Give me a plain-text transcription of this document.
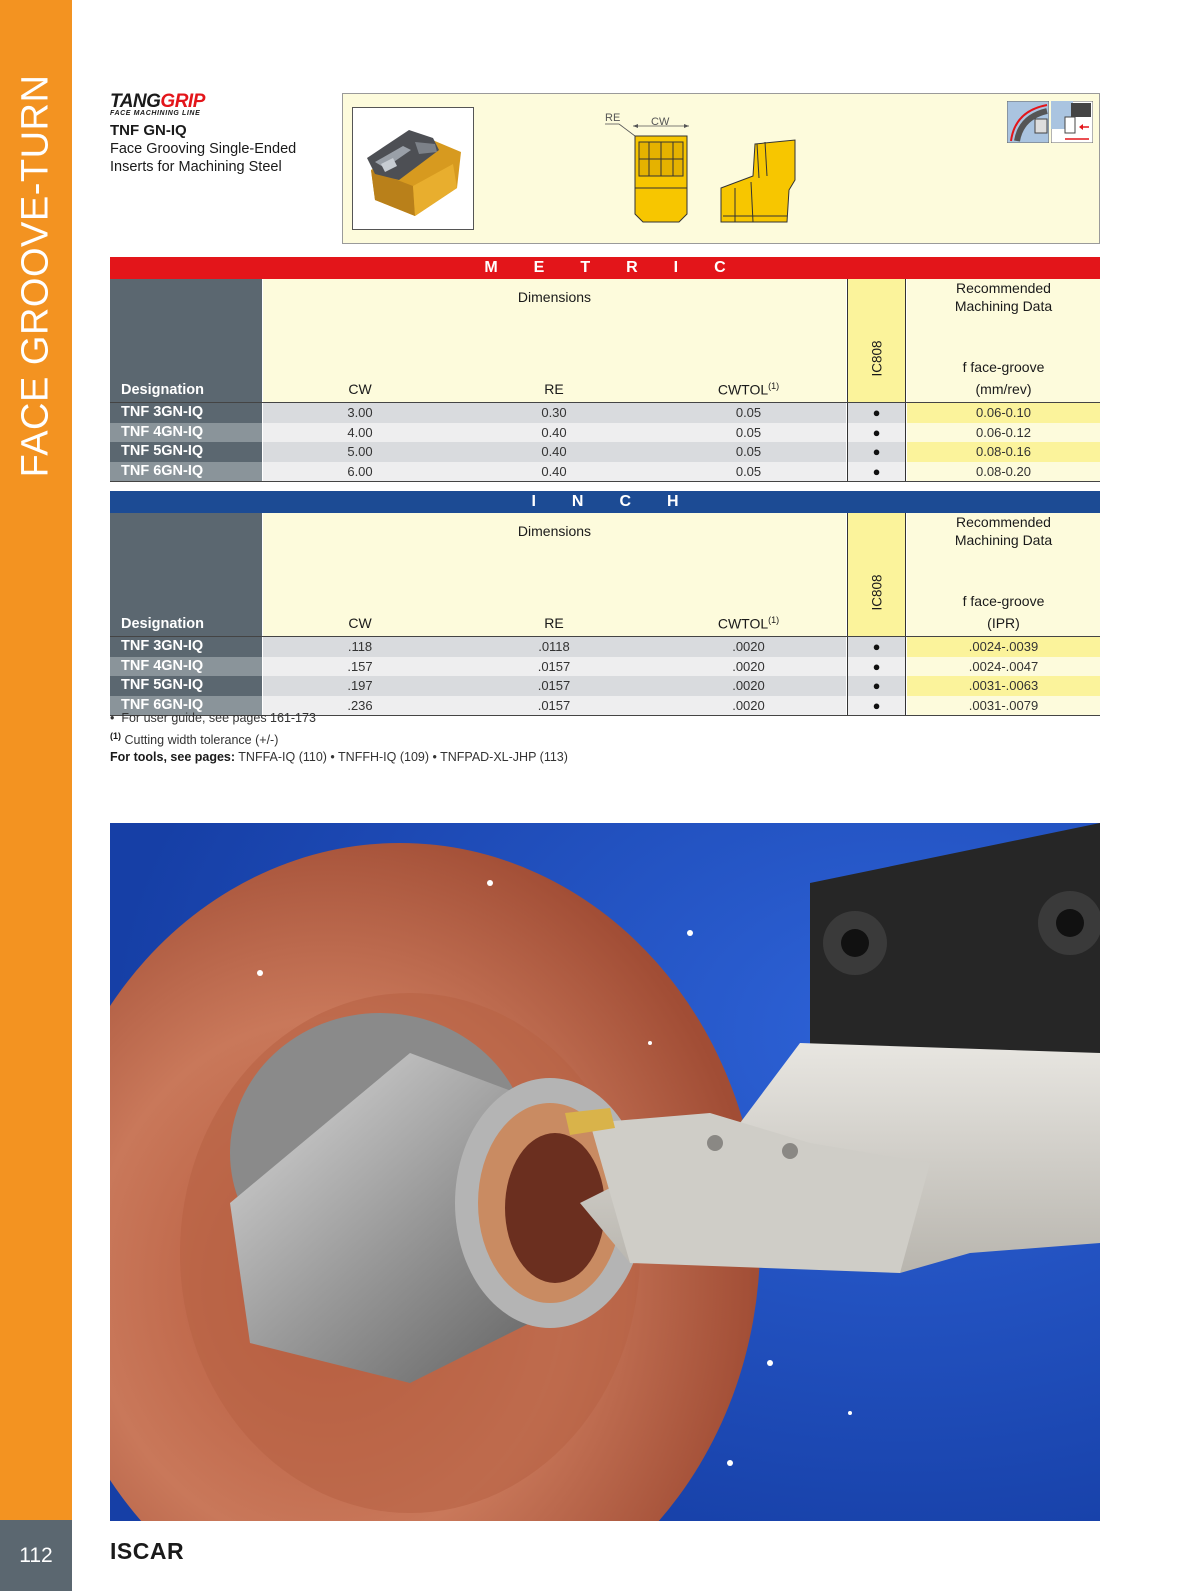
FACE GROOVE-TURN
112
TANGGRIP
FACE MACHINING LINE
TNF GN-IQ
Face Grooving Single-Ended
Inserts for Machining Steel
RE	CW
METRIC
Designation
Dimensions
CW	RE	CWTOL$^{(1)}$
IC808
Recommended
Machining Data
f face-groove
(mm/rev)
TNF 3GN-IQ	3.00	0.30	0.05	●	0.06-0.10
TNF 4GN-IQ	4.00	0.40	0.05	●	0.06-0.12
TNF 5GN-IQ	5.00	0.40	0.05	●	0.08-0.16
TNF 6GN-IQ	6.00	0.40	0.05	●	0.08-0.20
INCH
Designation
Dimensions
CW	RE	CWTOL$^{(1)}$
IC808
Recommended
Machining Data
f face-groove
(IPR)
TNF 3GN-IQ	.118	.0118	.0020	●	.0024-.0039
TNF 4GN-IQ	.157	.0157	.0020	●	.0024-.0047
TNF 5GN-IQ	.197	.0157	.0020	●	.0031-.0063
TNF 6GN-IQ	.236	.0157	.0020	●	.0031-.0079
• For user guide, see pages 161-173
$^{(1)}$ Cutting width tolerance (+/-)
For tools, see pages: TNFFA-IQ (110) • TNFFH-IQ (109) • TNFPAD-XL-JHP (113)
ISCAR
